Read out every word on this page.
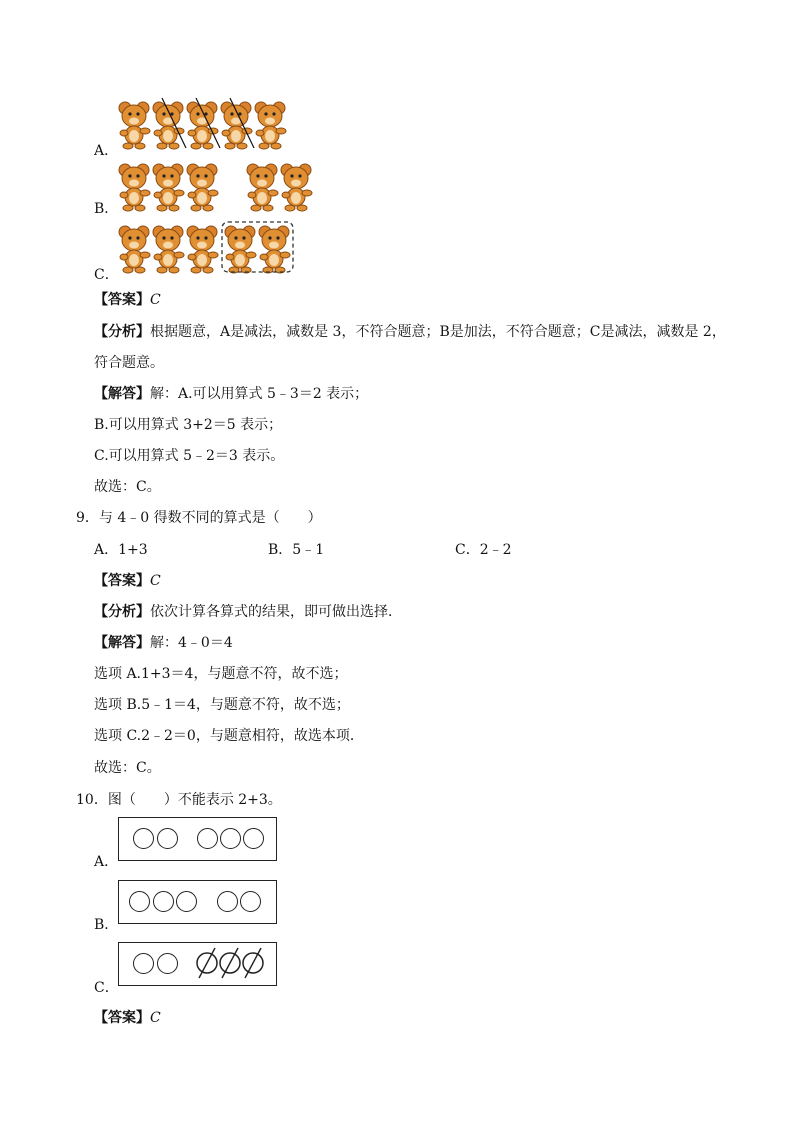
A．
B．
C．
【答案】C
【分析】根据题意，A是减法，减数是 3，不符合题意；B是加法，不符合题意；C是减法，减数是 2，
符合题意。
【解答】解：A.可以用算式 5﹣3＝2 表示；
B.可以用算式 3+2＝5 表示；
C.可以用算式 5﹣2＝3 表示。
故选：C。
9．与 4﹣0 得数不同的算式是（　　）
A．1+3	B．5﹣1	C．2﹣2
【答案】C
【分析】依次计算各算式的结果，即可做出选择．
【解答】解：4﹣0＝4
选项 A.1+3＝4，与题意不符，故不选；
选项 B.5﹣1＝4，与题意不符，故不选；
选项 C.2﹣2＝0，与题意相符，故选本项．
故选：C。
10．图（　　）不能表示 2+3。
A．
B．
C．
【答案】C
